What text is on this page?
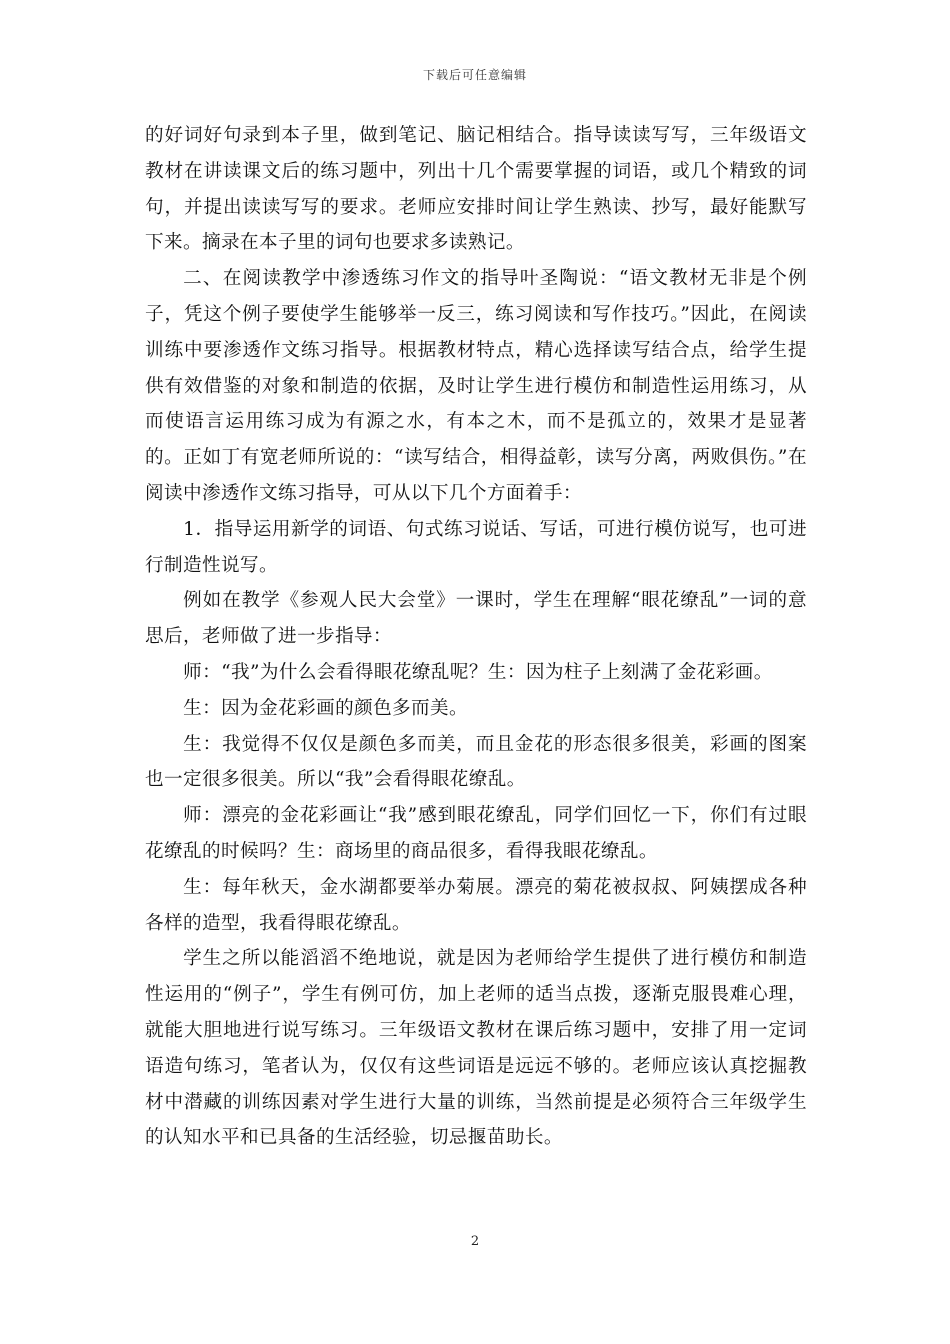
下载后可任意编辑

的好词好句录到本子里，做到笔记、脑记相结合。指导读读写写，三年级语文教材在讲读课文后的练习题中，列出十几个需要掌握的词语，或几个精致的词句，并提出读读写写的要求。老师应安排时间让学生熟读、抄写，最好能默写下来。摘录在本子里的词句也要求多读熟记。

二、在阅读教学中渗透练习作文的指导叶圣陶说：“语文教材无非是个例子，凭这个例子要使学生能够举一反三，练习阅读和写作技巧。”因此，在阅读训练中要渗透作文练习指导。根据教材特点，精心选择读写结合点，给学生提供有效借鉴的对象和制造的依据，及时让学生进行模仿和制造性运用练习，从而使语言运用练习成为有源之水，有本之木，而不是孤立的，效果才是显著的。正如丁有宽老师所说的：“读写结合，相得益彰，读写分离，两败俱伤。”在阅读中渗透作文练习指导，可从以下几个方面着手：

1．指导运用新学的词语、句式练习说话、写话，可进行模仿说写，也可进行制造性说写。

例如在教学《参观人民大会堂》一课时，学生在理解“眼花缭乱”一词的意思后，老师做了进一步指导：

师：“我”为什么会看得眼花缭乱呢？生：因为柱子上刻满了金花彩画。

生：因为金花彩画的颜色多而美。

生：我觉得不仅仅是颜色多而美，而且金花的形态很多很美，彩画的图案也一定很多很美。所以“我”会看得眼花缭乱。

师：漂亮的金花彩画让“我”感到眼花缭乱，同学们回忆一下，你们有过眼花缭乱的时候吗？生：商场里的商品很多，看得我眼花缭乱。

生：每年秋天，金水湖都要举办菊展。漂亮的菊花被叔叔、阿姨摆成各种各样的造型，我看得眼花缭乱。

学生之所以能滔滔不绝地说，就是因为老师给学生提供了进行模仿和制造性运用的“例子”，学生有例可仿，加上老师的适当点拨，逐渐克服畏难心理，就能大胆地进行说写练习。三年级语文教材在课后练习题中，安排了用一定词语造句练习，笔者认为，仅仅有这些词语是远远不够的。老师应该认真挖掘教材中潜藏的训练因素对学生进行大量的训练，当然前提是必须符合三年级学生的认知水平和已具备的生活经验，切忌揠苗助长。

2
